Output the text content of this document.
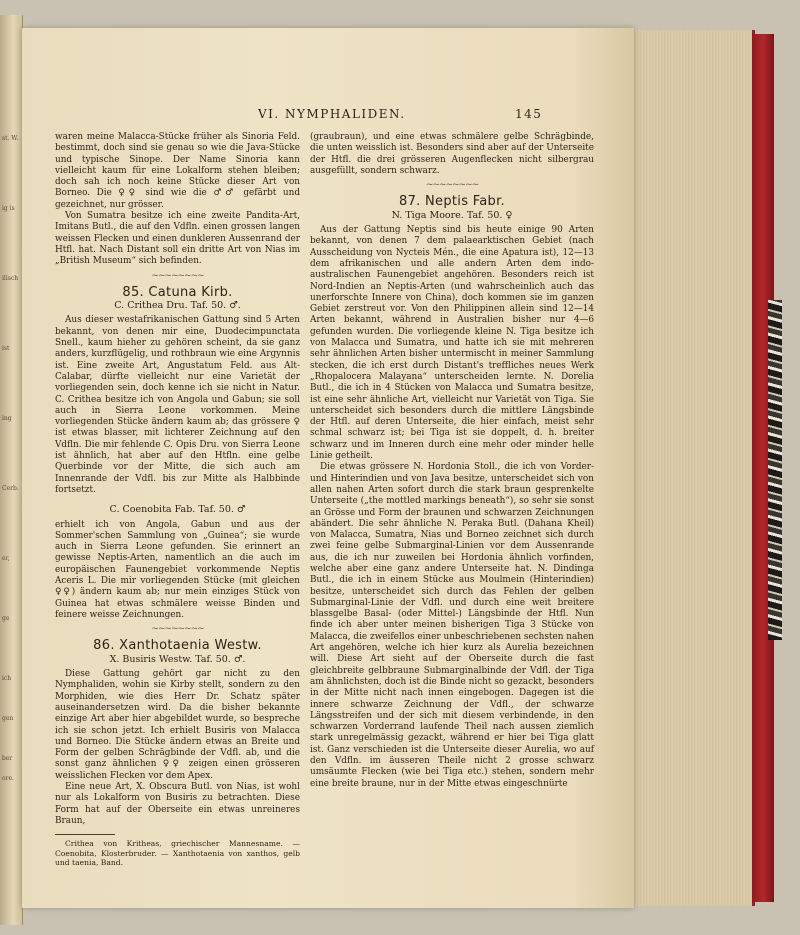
st. W.
ig is
ilisch
ist
ing
Cerb.
er,
ge
ich
gen
ber
ore.
VI. NYMPHALIDEN.	145

waren meine Malacca-Stücke früher als Sinoria Feld. bestimmt, doch sind sie genau so wie die Java-Stücke und typische Sinope. Der Name Sinoria kann vielleicht kaum für eine Lokalform stehen bleiben; doch sah ich noch keine Stücke dieser Art von Borneo. Die ♀♀ sind wie die ♂♂ gefärbt und gezeichnet, nur grösser.

Von Sumatra besitze ich eine zweite Pandita-Art, Imitans Butl., die auf den Vdfln. einen grossen langen weissen Flecken und einen dunkleren Aussenrand der Htfl. hat. Nach Distant soll ein dritte Art von Nias im „British Museum“ sich befinden.

~~~~~~~~
85. Catuna Kirb.
C. Crithea Dru. Taf. 50. ♂.

Aus dieser westafrikanischen Gattung sind 5 Arten bekannt, von denen mir eine, Duodecimpunctata Snell., kaum hieher zu gehören scheint, da sie ganz anders, kurzflügelig, und rothbraun wie eine Argynnis ist. Eine zweite Art, Angustatum Feld. aus Alt-Calabar, dürfte vielleicht nur eine Varietät der vorliegenden sein, doch kenne ich sie nicht in Natur. C. Crithea besitze ich von Angola und Gabun; sie soll auch in Sierra Leone vorkommen. Meine vorliegenden Stücke ändern kaum ab; das grössere ♀ ist etwas blasser, mit lichterer Zeichnung auf den Vdfln. Die mir fehlende C. Opis Dru. von Sierra Leone ist ähnlich, hat aber auf den Htfln. eine gelbe Querbinde vor der Mitte, die sich auch am Innenrande der Vdfl. bis zur Mitte als Halbbinde fortsetzt.

C. Coenobita Fab. Taf. 50. ♂

erhielt ich von Angola, Gabun und aus der Sommer'schen Sammlung von „Guinea“; sie wurde auch in Sierra Leone gefunden. Sie erinnert an gewisse Neptis-Arten, namentlich an die auch im europäischen Faunengebiet vorkommende Neptis Aceris L. Die mir vorliegenden Stücke (mit gleichen ♀♀) ändern kaum ab; nur mein einziges Stück von Guinea hat etwas schmälere weisse Binden und feinere weisse Zeichnungen.

~~~~~~~~
86. Xanthotaenia Westw.
X. Busiris Westw. Taf. 50. ♂.

Diese Gattung gehört gar nicht zu den Nymphaliden, wohin sie Kirby stellt, sondern zu den Morphiden, wie dies Herr Dr. Schatz später auseinandersetzen wird. Da die bisher bekannte einzige Art aber hier abgebildet wurde, so bespreche ich sie schon jetzt. Ich erhielt Busiris von Malacca und Borneo. Die Stücke ändern etwas an Breite und Form der gelben Schrägbinde der Vdfl. ab, und die sonst ganz ähnlichen ♀♀ zeigen einen grösseren weisslichen Flecken vor dem Apex.

Eine neue Art, X. Obscura Butl. von Nias, ist wohl nur als Lokalform von Busiris zu betrachten. Diese Form hat auf der Oberseite ein etwas unreineres Braun,

Crithea von Kritheas, griechischer Mannesname. — Coenobita, Klosterbruder. — Xanthotaenia von xanthos, gelb und taenia, Band.

(graubraun), und eine etwas schmälere gelbe Schrägbinde, die unten weisslich ist. Besonders sind aber auf der Unterseite der Htfl. die drei grösseren Augenflecken nicht silbergrau ausgefüllt, sondern schwarz.

~~~~~~~~
87. Neptis Fabr.
N. Tiga Moore. Taf. 50. ♀

Aus der Gattung Neptis sind bis heute einige 90 Arten bekannt, von denen 7 dem palaearktischen Gebiet (nach Ausscheidung von Nycteis Mén., die eine Apatura ist), 12—13 dem afrikanischen und alle andern Arten dem indo-australischen Faunengebiet angehören. Besonders reich ist Nord-Indien an Neptis-Arten (und wahrscheinlich auch das unerforschte Innere von China), doch kommen sie im ganzen Gebiet zerstreut vor. Von den Philippinen allein sind 12—14 Arten bekannt, während in Australien bisher nur 4—6 gefunden wurden. Die vorliegende kleine N. Tiga besitze ich von Malacca und Sumatra, und hatte ich sie mit mehreren sehr ähnlichen Arten bisher untermischt in meiner Sammlung stecken, die ich erst durch Distant's treffliches neues Werk „Rhopalocera Malayana“ unterscheiden lernte. N. Dorelia Butl., die ich in 4 Stücken von Malacca und Sumatra besitze, ist eine sehr ähnliche Art, vielleicht nur Varietät von Tiga. Sie unterscheidet sich besonders durch die mittlere Längsbinde der Htfl. auf deren Unterseite, die hier einfach, meist sehr schmal schwarz ist; bei Tiga ist sie doppelt, d. h. breiter schwarz und im Inneren durch eine mehr oder minder helle Linie getheilt.

Die etwas grössere N. Hordonia Stoll., die ich von Vorder- und Hinterindien und von Java besitze, unterscheidet sich von allen nahen Arten sofort durch die stark braun gesprenkelte Unterseite („the mottled markings beneath“), so sehr sie sonst an Grösse und Form der braunen und schwarzen Zeichnungen abändert. Die sehr ähnliche N. Peraka Butl. (Dahana Kheil) von Malacca, Sumatra, Nias und Borneo zeichnet sich durch zwei feine gelbe Submarginal-Linien vor dem Aussenrande aus, die ich nur zuweilen bei Hordonia ähnlich vorfinden, welche aber eine ganz andere Unterseite hat. N. Dindinga Butl., die ich in einem Stücke aus Moulmein (Hinterindien) besitze, unterscheidet sich durch das Fehlen der gelben Submarginal-Linie der Vdfl. und durch eine weit breitere blassgelbe Basal- (oder Mittel-) Längsbinde der Htfl. Nun finde ich aber unter meinen bisherigen Tiga 3 Stücke von Malacca, die zweifellos einer unbeschriebenen sechsten nahen Art angehören, welche ich hier kurz als Aurelia bezeichnen will. Diese Art sieht auf der Oberseite durch die fast gleichbreite gelbbraune Submarginalbinde der Vdfl. der Tiga am ähnlichsten, doch ist die Binde nicht so gezackt, besonders in der Mitte nicht nach innen eingebogen. Dagegen ist die innere schwarze Zeichnung der Vdfl., der schwarze Längsstreifen und der sich mit diesem verbindende, in den schwarzen Vorderrand laufende Theil nach aussen ziemlich stark unregelmässig gezackt, während er hier bei Tiga glatt ist. Ganz verschieden ist die Unterseite dieser Aurelia, wo auf den Vdfln. im äusseren Theile nicht 2 grosse schwarz umsäumte Flecken (wie bei Tiga etc.) stehen, sondern mehr eine breite braune, nur in der Mitte etwas eingeschnürte
